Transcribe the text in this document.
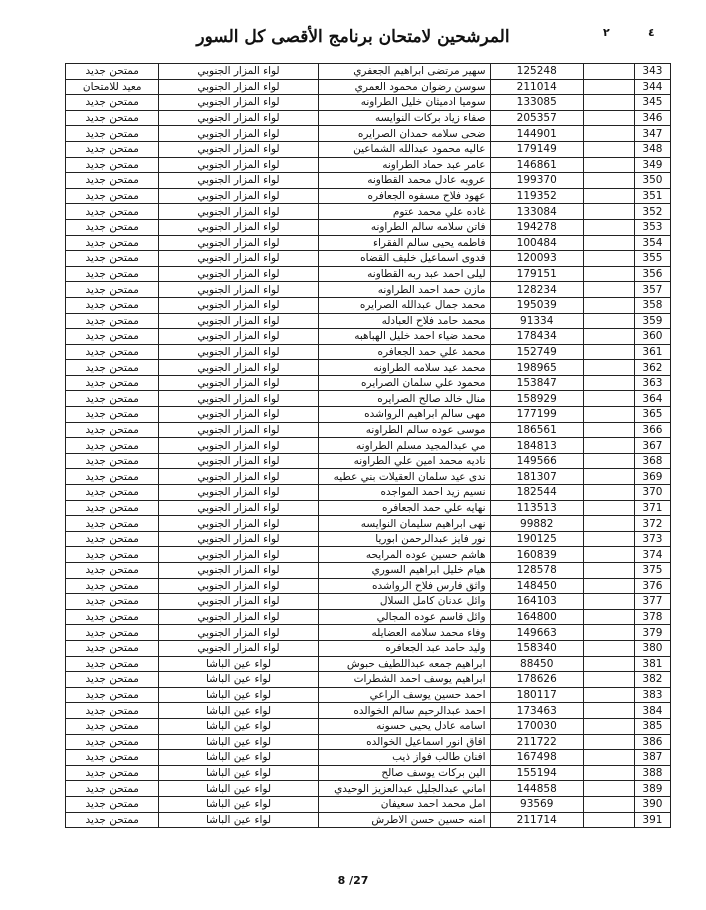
المرشحين لامتحان برنامج الأقصى كل السور	٢	٤
ممتحن جديد	لواء المزار الجنوبي	سهير مرتضى ابراهيم الجعفري	125248		343
معيد للامتحان	لواء المزار الجنوبي	سوسن رضوان محمود العمري	211014		344
ممتحن جديد	لواء المزار الجنوبي	سوميا ادميثان خليل الطراونه	133085		345
ممتحن جديد	لواء المزار الجنوبي	صفاء زياد بركات النوايسه	205357		346
ممتحن جديد	لواء المزار الجنوبي	ضحى سلامه حمدان الصرايره	144901		347
ممتحن جديد	لواء المزار الجنوبي	عاليه محمود عبدالله الشماعين	179149		348
ممتحن جديد	لواء المزار الجنوبي	عامر عبد حماد الطراونه	146861		349
ممتحن جديد	لواء المزار الجنوبي	عروبه عادل محمد القطاونه	199370		350
ممتحن جديد	لواء المزار الجنوبي	عهود فلاح مسفوه الجعافره	119352		351
ممتحن جديد	لواء المزار الجنوبي	غاده علي محمد عتوم	133084		352
ممتحن جديد	لواء المزار الجنوبي	فاتن سلامه سالم الطراونه	194278		353
ممتحن جديد	لواء المزار الجنوبي	فاطمه يحيى سالم الفقراء	100484		354
ممتحن جديد	لواء المزار الجنوبي	فدوى اسماعيل خليف القضاه	120093		355
ممتحن جديد	لواء المزار الجنوبي	ليلى احمد عبد ربه القطاونه	179151		356
ممتحن جديد	لواء المزار الجنوبي	مازن حمد احمد الطراونه	128234		357
ممتحن جديد	لواء المزار الجنوبي	محمد جمال عبدالله الصرايره	195039		358
ممتحن جديد	لواء المزار الجنوبي	محمد حامد فلاح العبادله	91334		359
ممتحن جديد	لواء المزار الجنوبي	محمد ضياء احمد خليل الهباهبه	178434		360
ممتحن جديد	لواء المزار الجنوبي	محمد علي حمد الجعافره	152749		361
ممتحن جديد	لواء المزار الجنوبي	محمد عيد سلامه الطراونه	198965		362
ممتحن جديد	لواء المزار الجنوبي	محمود علي سلمان الصرايره	153847		363
ممتحن جديد	لواء المزار الجنوبي	منال خالد صالح الصرايره	158929		364
ممتحن جديد	لواء المزار الجنوبي	مهى سالم ابراهيم الرواشده	177199		365
ممتحن جديد	لواء المزار الجنوبي	موسى عوده سالم الطراونه	186561		366
ممتحن جديد	لواء المزار الجنوبي	مي عبدالمجيد مسلم الطراونه	184813		367
ممتحن جديد	لواء المزار الجنوبي	ناديه محمد امين علي الطراونه	149566		368
ممتحن جديد	لواء المزار الجنوبي	ندى عيد سلمان العقيلات بني عطيه	181307		369
ممتحن جديد	لواء المزار الجنوبي	نسيم زيد احمد المواجده	182544		370
ممتحن جديد	لواء المزار الجنوبي	نهايه علي حمد الجعافره	113513		371
ممتحن جديد	لواء المزار الجنوبي	نهى ابراهيم سليمان النوايسه	99882		372
ممتحن جديد	لواء المزار الجنوبي	نور فايز عبدالرحمن ابوريا	190125		373
ممتحن جديد	لواء المزار الجنوبي	هاشم حسين عوده المرايحه	160839		374
ممتحن جديد	لواء المزار الجنوبي	هيام خليل ابراهيم السوري	128578		375
ممتحن جديد	لواء المزار الجنوبي	واثق فارس فلاح الرواشده	148450		376
ممتحن جديد	لواء المزار الجنوبي	وائل عدنان كامل السلال	164103		377
ممتحن جديد	لواء المزار الجنوبي	وائل قاسم عوده المجالي	164800		378
ممتحن جديد	لواء المزار الجنوبي	وفاء محمد سلامه العضايله	149663		379
ممتحن جديد	لواء المزار الجنوبي	وليد حامد عبد الجعافره	158340		380
ممتحن جديد	لواء عين الباشا	ابراهيم جمعه عبداللطيف حبوش	88450		381
ممتحن جديد	لواء عين الباشا	ابراهيم يوسف احمد الشطرات	178626		382
ممتحن جديد	لواء عين الباشا	احمد حسين يوسف الراعي	180117		383
ممتحن جديد	لواء عين الباشا	احمد عبدالرحيم سالم الخوالده	173463		384
ممتحن جديد	لواء عين الباشا	اسامه عادل يحيى حسونه	170030		385
ممتحن جديد	لواء عين الباشا	افاق انور اسماعيل الخوالده	211722		386
ممتحن جديد	لواء عين الباشا	افنان طالب فواز ذيب	167498		387
ممتحن جديد	لواء عين الباشا	الين بركات يوسف صالح	155194		388
ممتحن جديد	لواء عين الباشا	اماني عبدالجليل عبدالعزيز الوحيدي	144858		389
ممتحن جديد	لواء عين الباشا	امل محمد احمد سعيفان	93569		390
ممتحن جديد	لواء عين الباشا	امنه حسين حسن الاطرش	211714		391
8 /27
